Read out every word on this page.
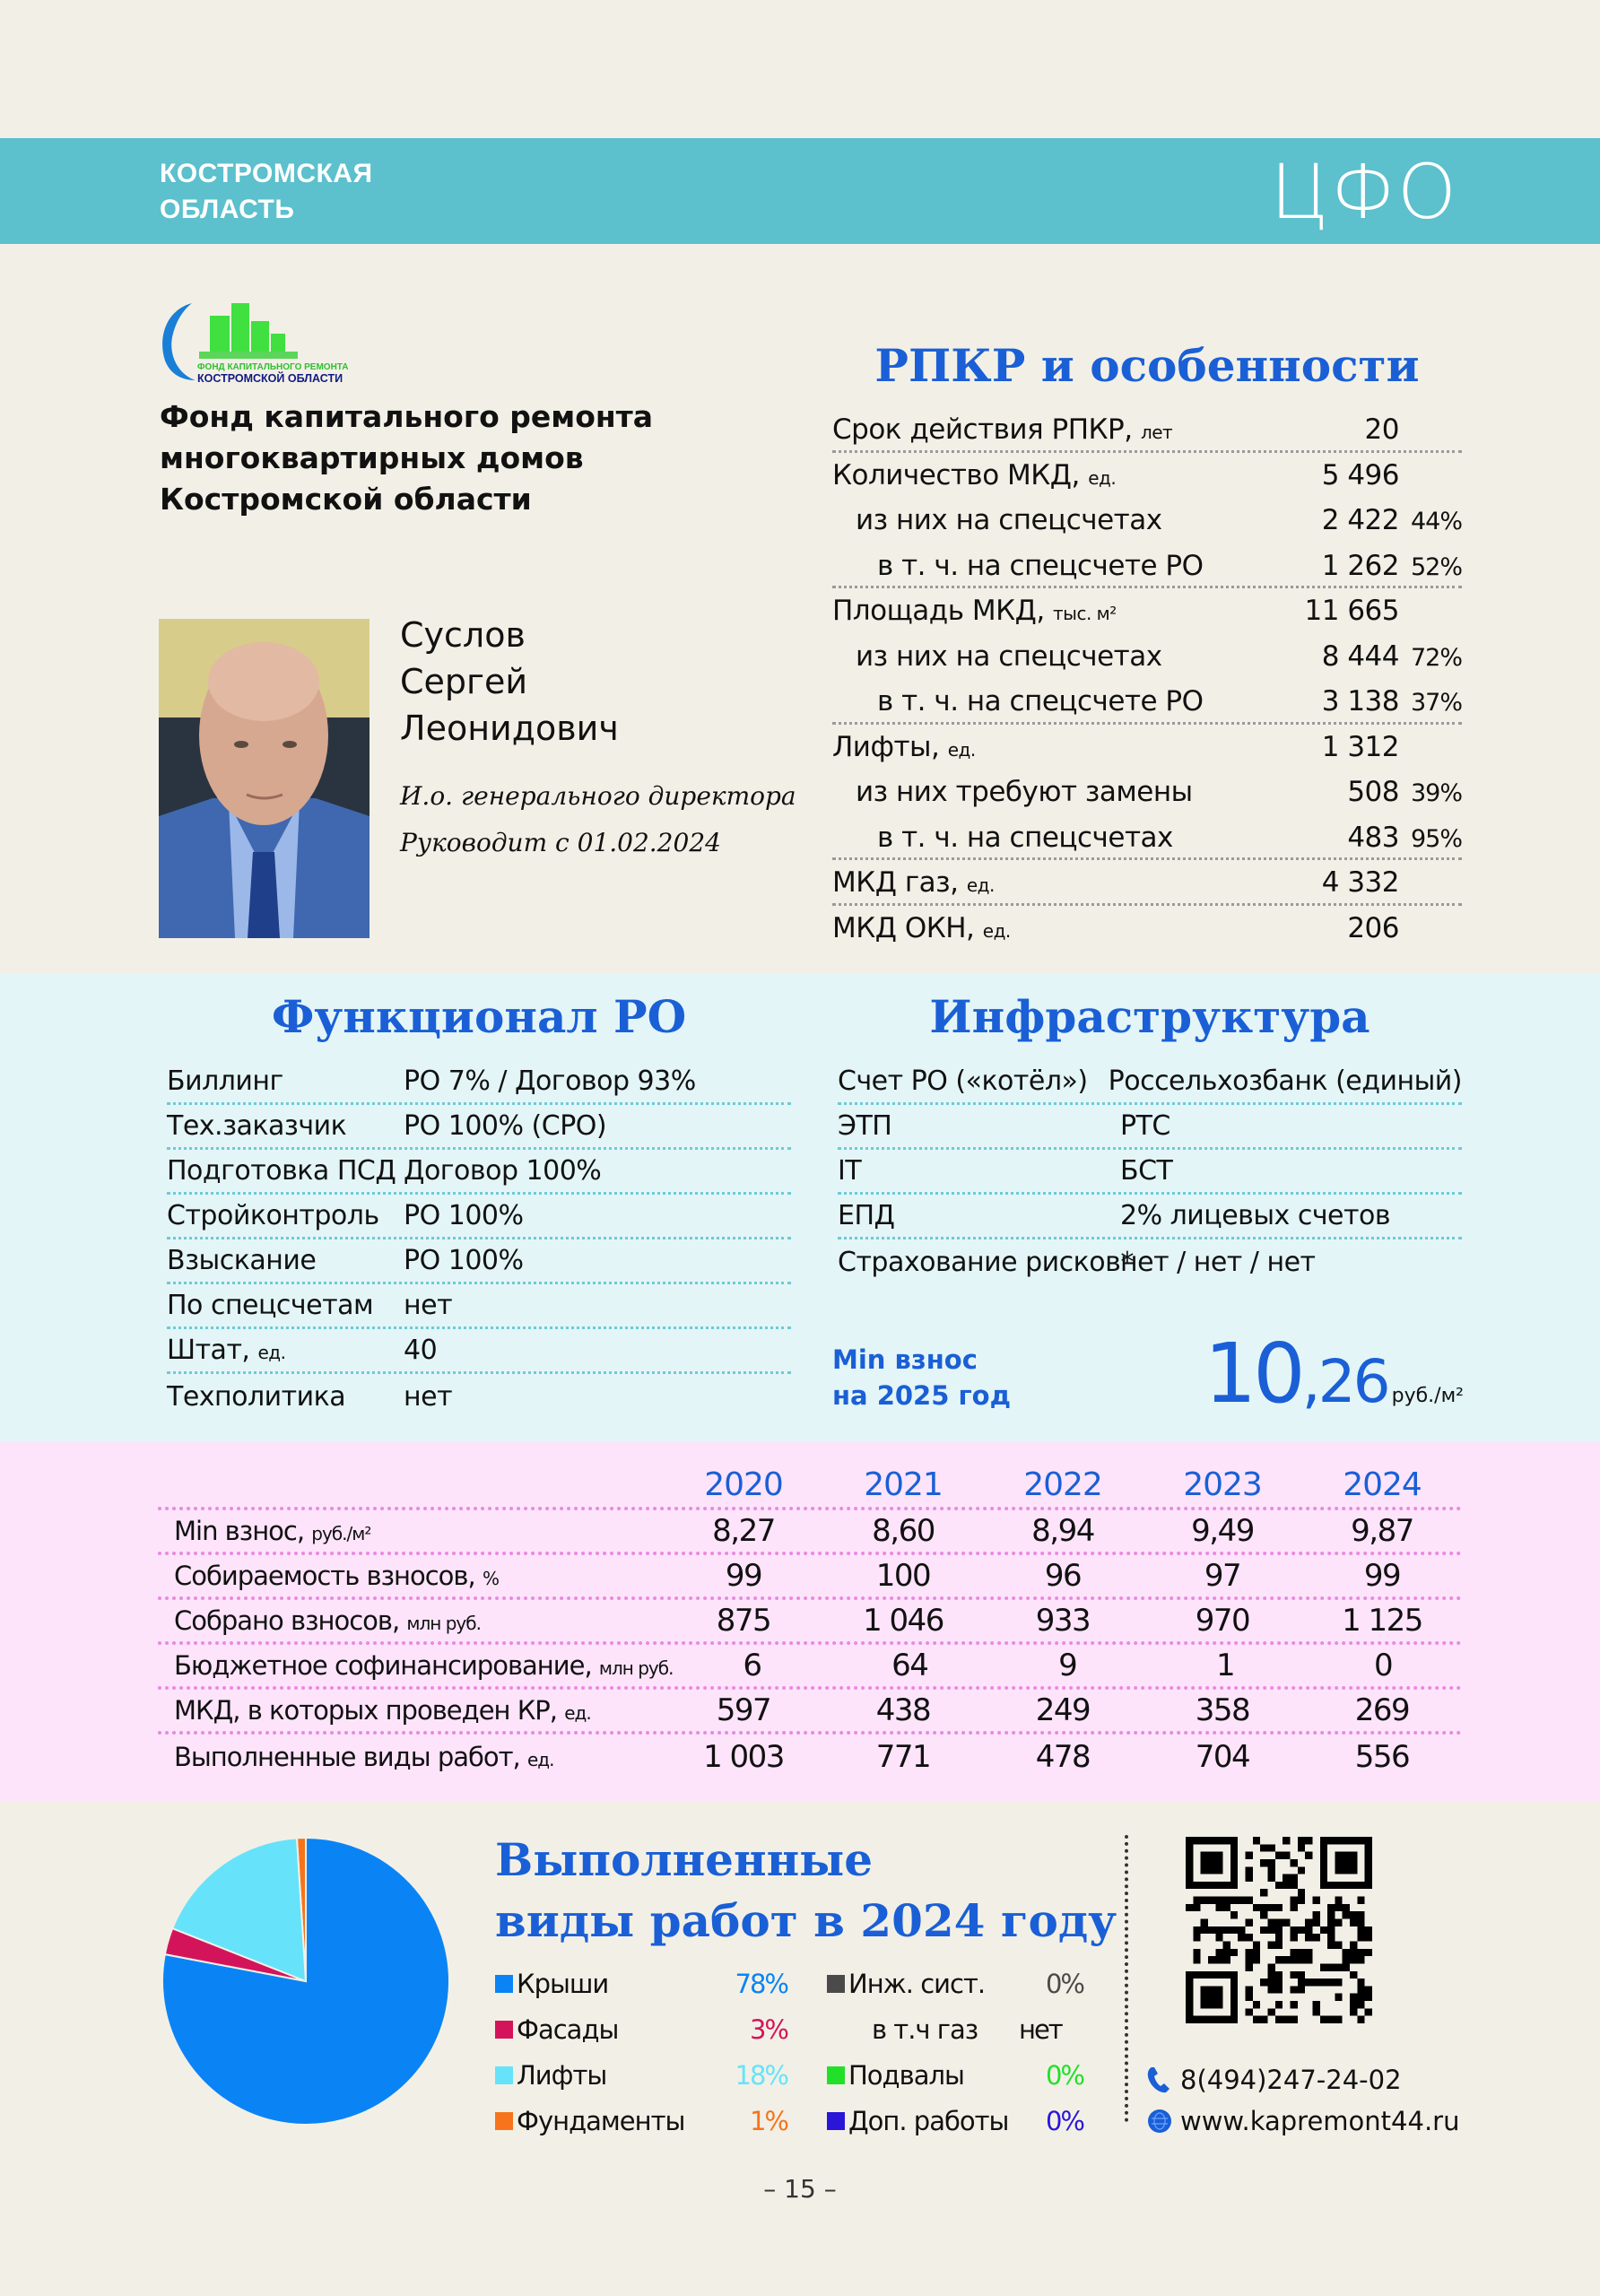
КОСТРОМСКАЯ
ОБЛАСТЬ	ЦФО
ФОНД КАПИТАЛЬНОГО РЕМОНТА
КОСТРОМСКОЙ ОБЛАСТИ
Фонд капитального ремонта
многоквартирных домов
Костромской области
Суслов
Сергей
Леонидович
И.о. генерального директора
Руководит с 01.02.2024
РПКР и особенности
Срок действия РПКР, лет	20
Количество МКД, ед.	5 496
из них на спецсчетах	2 422 44%
в т. ч. на спецсчете РО	1 262 52%
Площадь МКД, тыс. м²	11 665
из них на спецсчетах	8 444 72%
в т. ч. на спецсчете РО	3 138 37%
Лифты, ед.	1 312
из них требуют замены	508 39%
в т. ч. на спецсчетах	483 95%
МКД газ, ед.	4 332
МКД ОКН, ед.	206
Функционал РО
Биллинг	РО 7% / Договор 93%
Тех.заказчик	РО 100% (СРО)
Подготовка ПСД Договор 100%
Стройконтроль РО 100%
Взыскание	РО 100%
По спецсчетам	нет
Штат, ед.	40
Техполитика	нет
Инфраструктура
Счет РО («котёл») Россельхозбанк (единый)
ЭТП	РТС
IT	БСТ
ЕПД	2% лицевых счетов
Страхование рисков*
нет / нет / нет
Min взнос
на 2025 год 10,26 руб./м²
2020	2021	2022	2023	2024
Min взнос, руб./м²	8,27	8,60	8,94	9,49	9,87
Собираемость взносов, %	99	100	96	97	99
Собрано взносов, млн руб.	875	1 046	933	970	1 125
Бюджетное софинансирование, млн руб.	6	64	9	1	0
МКД, в которых проведен КР, ед.	597	438	249	358	269
Выполненные виды работ, ед.	1 003	771	478	704	556
Выполненные
виды работ в 2024 году
Крыши	78% Инж. сист.	0%
Фасады	3%	в т.ч газ	нет
Лифты	18% Подвалы	0%
Фундаменты	1% Доп. работы	0%
8(494)247-24-02
www.kapremont44.ru
– 15 –
